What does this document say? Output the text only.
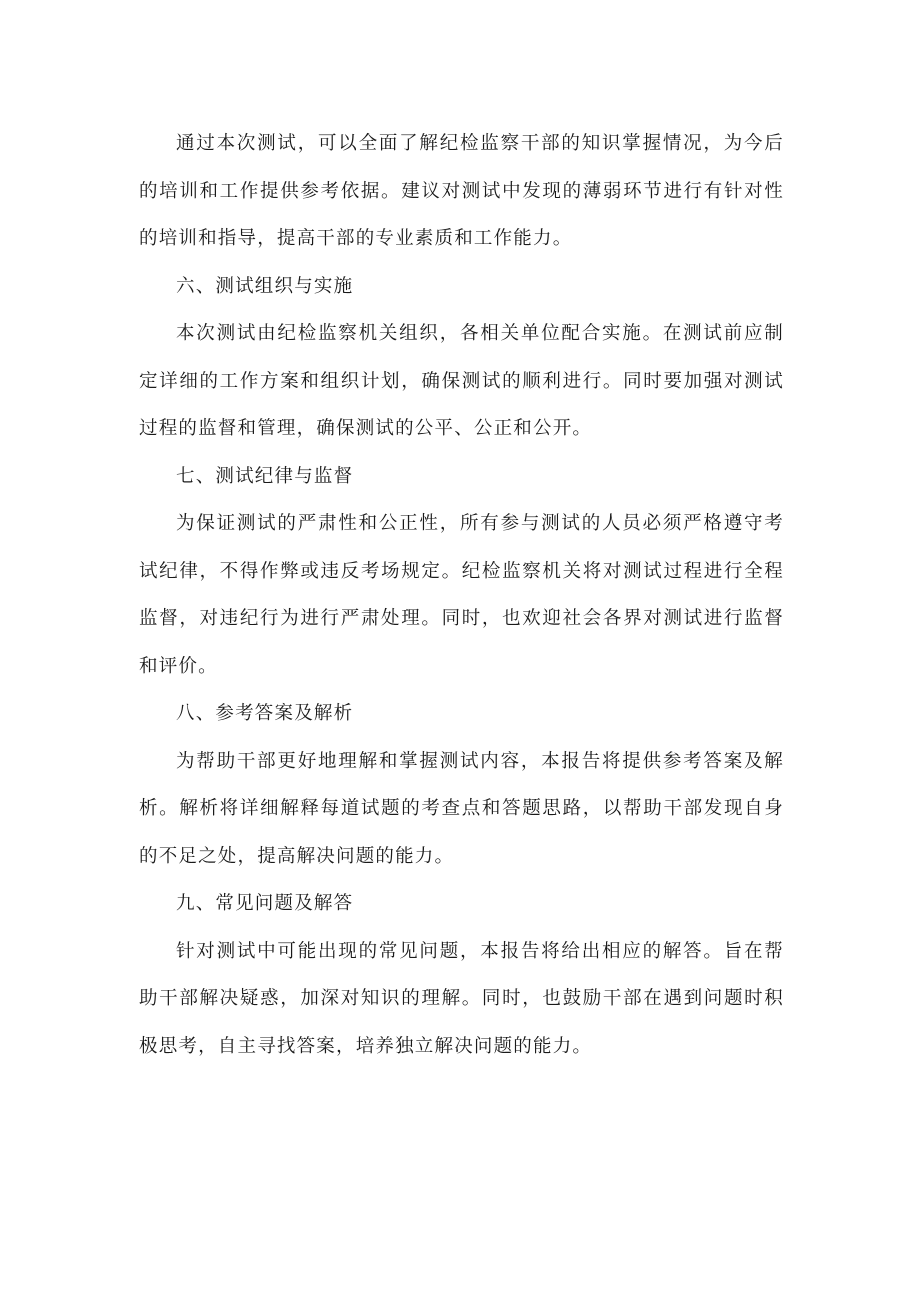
通过本次测试，可以全面了解纪检监察干部的知识掌握情况，为今后
的培训和工作提供参考依据。建议对测试中发现的薄弱环节进行有针对性
的培训和指导，提高干部的专业素质和工作能力。

六、测试组织与实施

本次测试由纪检监察机关组织，各相关单位配合实施。在测试前应制
定详细的工作方案和组织计划，确保测试的顺利进行。同时要加强对测试
过程的监督和管理，确保测试的公平、公正和公开。

七、测试纪律与监督

为保证测试的严肃性和公正性，所有参与测试的人员必须严格遵守考
试纪律，不得作弊或违反考场规定。纪检监察机关将对测试过程进行全程
监督，对违纪行为进行严肃处理。同时，也欢迎社会各界对测试进行监督
和评价。

八、参考答案及解析

为帮助干部更好地理解和掌握测试内容，本报告将提供参考答案及解
析。解析将详细解释每道试题的考查点和答题思路，以帮助干部发现自身
的不足之处，提高解决问题的能力。

九、常见问题及解答

针对测试中可能出现的常见问题，本报告将给出相应的解答。旨在帮
助干部解决疑惑，加深对知识的理解。同时，也鼓励干部在遇到问题时积
极思考，自主寻找答案，培养独立解决问题的能力。
